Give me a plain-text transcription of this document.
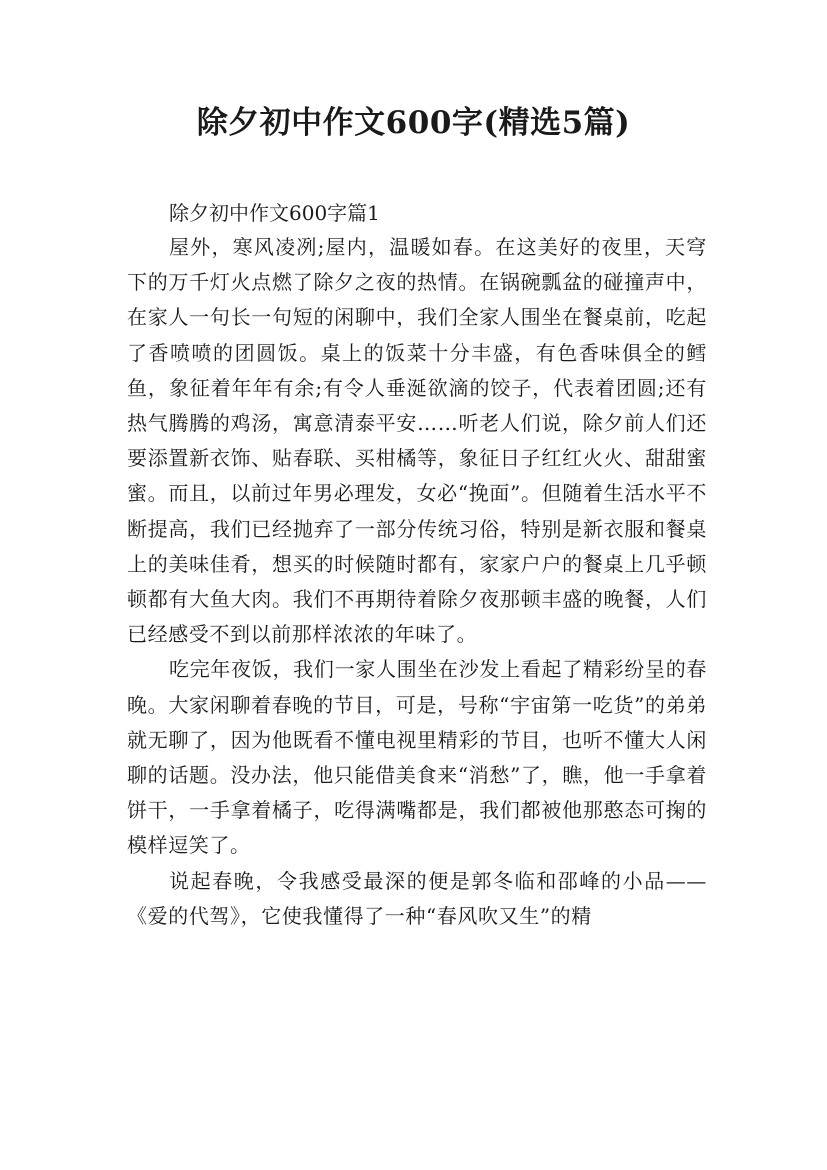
除夕初中作文600字(精选5篇)

除夕初中作文600字篇1

屋外，寒风凌冽;屋内，温暖如春。在这美好的夜里，天穹下的万千灯火点燃了除夕之夜的热情。在锅碗瓢盆的碰撞声中，在家人一句长一句短的闲聊中，我们全家人围坐在餐桌前，吃起了香喷喷的团圆饭。桌上的饭菜十分丰盛，有色香味俱全的鳕鱼，象征着年年有余;有令人垂涎欲滴的饺子，代表着团圆;还有热气腾腾的鸡汤，寓意清泰平安……听老人们说，除夕前人们还要添置新衣饰、贴春联、买柑橘等，象征日子红红火火、甜甜蜜蜜。而且，以前过年男必理发，女必“挽面”。但随着生活水平不断提高，我们已经抛弃了一部分传统习俗，特别是新衣服和餐桌上的美味佳肴，想买的时候随时都有，家家户户的餐桌上几乎顿顿都有大鱼大肉。我们不再期待着除夕夜那顿丰盛的晚餐，人们已经感受不到以前那样浓浓的年味了。

吃完年夜饭，我们一家人围坐在沙发上看起了精彩纷呈的春晚。大家闲聊着春晚的节目，可是，号称“宇宙第一吃货”的弟弟就无聊了，因为他既看不懂电视里精彩的节目，也听不懂大人闲聊的话题。没办法，他只能借美食来“消愁”了，瞧，他一手拿着饼干，一手拿着橘子，吃得满嘴都是，我们都被他那憨态可掬的模样逗笑了。

说起春晚，令我感受最深的便是郭冬临和邵峰的小品——《爱的代驾》，它使我懂得了一种“春风吹又生”的精
